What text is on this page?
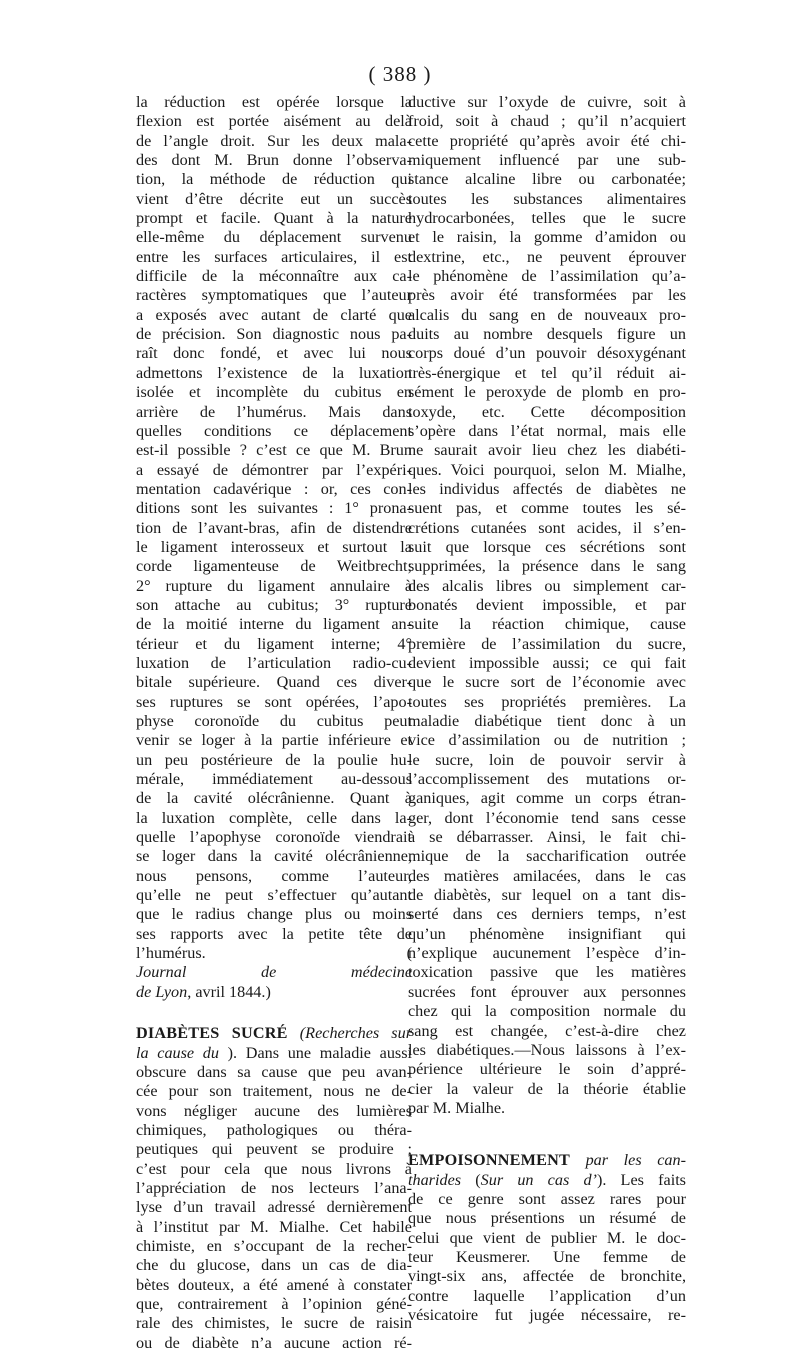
( 388 )
la réduction est opérée lorsque la
flexion est portée aisément au delà
de l’angle droit. Sur les deux mala-
des dont M. Brun donne l’observa-
tion, la méthode de réduction qui
vient d’être décrite eut un succès
prompt et facile. Quant à la nature
elle-même du déplacement survenu
entre les surfaces articulaires, il est
difficile de la méconnaître aux ca-
ractères symptomatiques que l’auteur
a exposés avec autant de clarté que
de précision. Son diagnostic nous pa-
raît donc fondé, et avec lui nous
admettons l’existence de la luxation
isolée et incomplète du cubitus en
arrière de l’humérus. Mais dans
quelles conditions ce déplacement
est-il possible ? c’est ce que M. Brun
a essayé de démontrer par l’expéri-
mentation cadavérique : or, ces con-
ditions sont les suivantes : 1° prona-
tion de l’avant-bras, afin de distendre
le ligament interosseux et surtout la
corde ligamenteuse de Weitbrecht;
2° rupture du ligament annulaire à
son attache au cubitus; 3° rupture
de la moitié interne du ligament an-
térieur et du ligament interne; 4°
luxation de l’articulation radio-cu-
bitale supérieure. Quand ces diver-
ses ruptures se sont opérées, l’apo-
physe coronoïde du cubitus peut
venir se loger à la partie inférieure et
un peu postérieure de la poulie hu-
mérale, immédiatement au-dessous
de la cavité olécrânienne. Quant à
la luxation complète, celle dans la-
quelle l’apophyse coronoïde viendrait
se loger dans la cavité olécrânienne,
nous pensons, comme l’auteur,
qu’elle ne peut s’effectuer qu’autant
que le radius change plus ou moins
ses rapports avec la petite tête de
l’humérus. (
Journal de médecine
de Lyon, avril 1844.)
DIABÈTES SUCRÉ (Recherches sur
la cause du ). Dans une maladie aussi
obscure dans sa cause que peu avan-
cée pour son traitement, nous ne de-
vons négliger aucune des lumières
chimiques, pathologiques ou théra-
peutiques qui peuvent se produire ;
c’est pour cela que nous livrons à
l’appréciation de nos lecteurs l’ana-
lyse d’un travail adressé dernièrement
à l’institut par M. Mialhe. Cet habile
chimiste, en s’occupant de la recher-
che du glucose, dans un cas de dia-
bètes douteux, a été amené à constater
que, contrairement à l’opinion géné-
rale des chimistes, le sucre de raisin
ou de diabète n’a aucune action ré-
ductive sur l’oxyde de cuivre, soit à
froid, soit à chaud ; qu’il n’acquiert
cette propriété qu’après avoir été chi-
miquement influencé par une sub-
stance alcaline libre ou carbonatée;
toutes les substances alimentaires
hydrocarbonées, telles que le sucre
et le raisin, la gomme d’amidon ou
dextrine, etc., ne peuvent éprouver
le phénomène de l’assimilation qu’a-
près avoir été transformées par les
alcalis du sang en de nouveaux pro-
duits au nombre desquels figure un
corps doué d’un pouvoir désoxygénant
très-énergique et tel qu’il réduit ai-
sément le peroxyde de plomb en pro-
toxyde, etc. Cette décomposition
s’opère dans l’état normal, mais elle
ne saurait avoir lieu chez les diabéti-
ques. Voici pourquoi, selon M. Mialhe,
les individus affectés de diabètes ne
suent pas, et comme toutes les sé-
crétions cutanées sont acides, il s’en-
suit que lorsque ces sécrétions sont
supprimées, la présence dans le sang
des alcalis libres ou simplement car-
bonatés devient impossible, et par
suite la réaction chimique, cause
première de l’assimilation du sucre,
devient impossible aussi; ce qui fait
que le sucre sort de l’économie avec
toutes ses propriétés premières. La
maladie diabétique tient donc à un
vice d’assimilation ou de nutrition ;
le sucre, loin de pouvoir servir à
l’accomplissement des mutations or-
ganiques, agit comme un corps étran-
ger, dont l’économie tend sans cesse
à se débarrasser. Ainsi, le fait chi-
mique de la saccharification outrée
des matières amilacées, dans le cas
de diabètès, sur lequel on a tant dis-
serté dans ces derniers temps, n’est
qu’un phénomène insignifiant qui
n’explique aucunement l’espèce d’in-
toxication passive que les matières
sucrées font éprouver aux personnes
chez qui la composition normale du
sang est changée, c’est-à-dire chez
les diabétiques.—Nous laissons à l’ex-
périence ultérieure le soin d’appré-
cier la valeur de la théorie établie
par M. Mialhe.
EMPOISONNEMENT par les can-
tharides (Sur un cas d’). Les faits
de ce genre sont assez rares pour
que nous présentions un résumé de
celui que vient de publier M. le doc-
teur Keusmerer. Une femme de
vingt-six ans, affectée de bronchite,
contre laquelle l’application d’un
vésicatoire fut jugée nécessaire, re-
